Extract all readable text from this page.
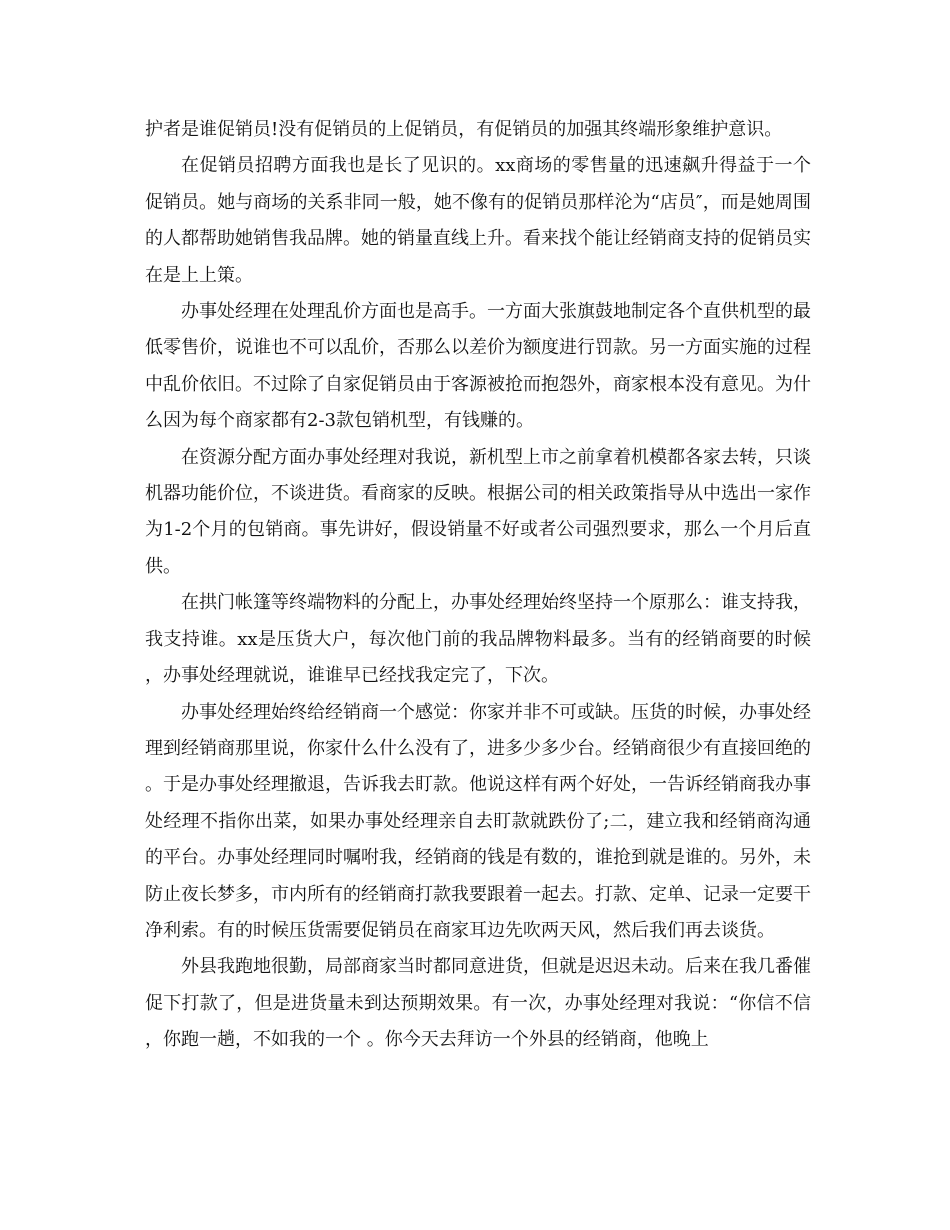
护者是谁促销员!没有促销员的上促销员，有促销员的加强其终端形象维护意识。

在促销员招聘方面我也是长了见识的。xx商场的零售量的迅速飙升得益于一个促销员。她与商场的关系非同一般，她不像有的促销员那样沦为“店员″，而是她周围的人都帮助她销售我品牌。她的销量直线上升。看来找个能让经销商支持的促销员实在是上上策。

办事处经理在处理乱价方面也是高手。一方面大张旗鼓地制定各个直供机型的最低零售价，说谁也不可以乱价，否那么以差价为额度进行罚款。另一方面实施的过程中乱价依旧。不过除了自家促销员由于客源被抢而抱怨外，商家根本没有意见。为什么因为每个商家都有2-3款包销机型，有钱赚的。

在资源分配方面办事处经理对我说，新机型上市之前拿着机模都各家去转，只谈机器功能价位，不谈进货。看商家的反映。根据公司的相关政策指导从中选出一家作为1-2个月的包销商。事先讲好，假设销量不好或者公司强烈要求，那么一个月后直供。

在拱门帐篷等终端物料的分配上，办事处经理始终坚持一个原那么：谁支持我，我支持谁。xx是压货大户，每次他门前的我品牌物料最多。当有的经销商要的时候，办事处经理就说，谁谁早已经找我定完了，下次。

办事处经理始终给经销商一个感觉：你家并非不可或缺。压货的时候，办事处经理到经销商那里说，你家什么什么没有了，进多少多少台。经销商很少有直接回绝的。于是办事处经理撤退，告诉我去盯款。他说这样有两个好处，一告诉经销商我办事处经理不指你出菜，如果办事处经理亲自去盯款就跌份了;二，建立我和经销商沟通的平台。办事处经理同时嘱咐我，经销商的钱是有数的，谁抢到就是谁的。另外，未防止夜长梦多，市内所有的经销商打款我要跟着一起去。打款、定单、记录一定要干净利索。有的时候压货需要促销员在商家耳边先吹两天风，然后我们再去谈货。

外县我跑地很勤，局部商家当时都同意进货，但就是迟迟未动。后来在我几番催促下打款了，但是进货量未到达预期效果。有一次，办事处经理对我说：“你信不信，你跑一趟，不如我的一个 。你今天去拜访一个外县的经销商，他晚上
